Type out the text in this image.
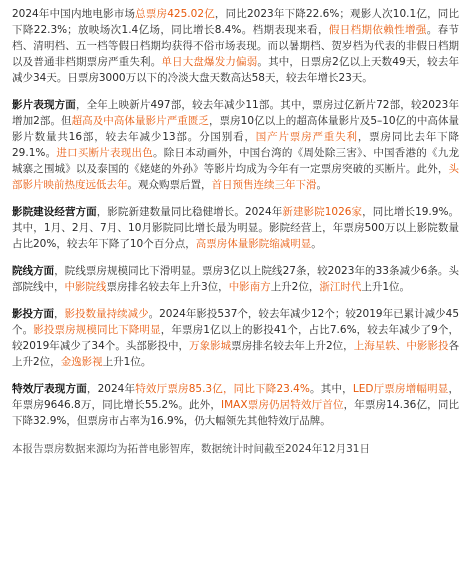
2024年中国内地电影市场总票房425.02亿，同比2023年下降22.6%；观影人次10.1亿，同比下降22.3%；放映场次1.4亿场，同比增长8.4%。档期表现来看，假日档期依赖性增强。春节档、清明档、五一档等假日档期均获得不俗市场表现。而以暑期档、贺岁档为代表的非假日档期以及普通非档期票房严重失利。单日大盘爆发力偏弱。其中，日票房2亿以上天数49天，较去年减少34天。日票房3000万以下的冷淡大盘天数高达58天，较去年增长23天。

影片表现方面，全年上映新片497部，较去年减少11部。其中，票房过亿新片72部，较2023年增加2部。但超高及中高体量影片严重匮乏，票房10亿以上的超高体量影片及5–10亿的中高体量影片数量共16部，较去年减少13部。分国别看，国产片票房严重失利，票房同比去年下降29.1%。进口买断片表现出色。除日本动画外，中国台湾的《周处除三害》、中国香港的《九龙城寨之围城》以及泰国的《姥姥的外孙》等影片均成为今年有一定票房突破的买断片。此外，头部影片映前热度远低去年。观众购票后置，首日预售连续三年下滑。

影院建设经营方面，影院新建数量同比稳健增长。2024年新建影院1026家，同比增长19.9%。其中，1月、2月、7月、10月影院同比增长最为明显。影院经营上，年票房500万以上影院数量占比20%，较去年下降了10个百分点，高票房体量影院缩减明显。

院线方面，院线票房规模同比下滑明显。票房3亿以上院线27条，较2023年的33条减少6条。头部院线中，中影院线票房排名较去年上升3位，中影南方上升2位，浙江时代上升1位。

影投方面，影投数量持续减少。2024年影投537个，较去年减少12个；较2019年已累计减少45个。影投票房规模同比下降明显，年票房1亿以上的影投41个，占比7.6%，较去年减少了9个，较2019年减少了34个。头部影投中，万象影城票房排名较去年上升2位，上海星轶、中影影投各上升2位，金逸影视上升1位。

特效厅表现方面，2024年特效厅票房85.3亿，同比下降23.4%。其中，LED厅票房增幅明显，年票房9646.8万，同比增长55.2%。此外，IMAX票房仍居特效厅首位，年票房14.36亿，同比下降32.9%，但票房市占率为16.9%，仍大幅领先其他特效厅品牌。

本报告票房数据来源均为拓普电影智库，数据统计时间截至2024年12月31日
